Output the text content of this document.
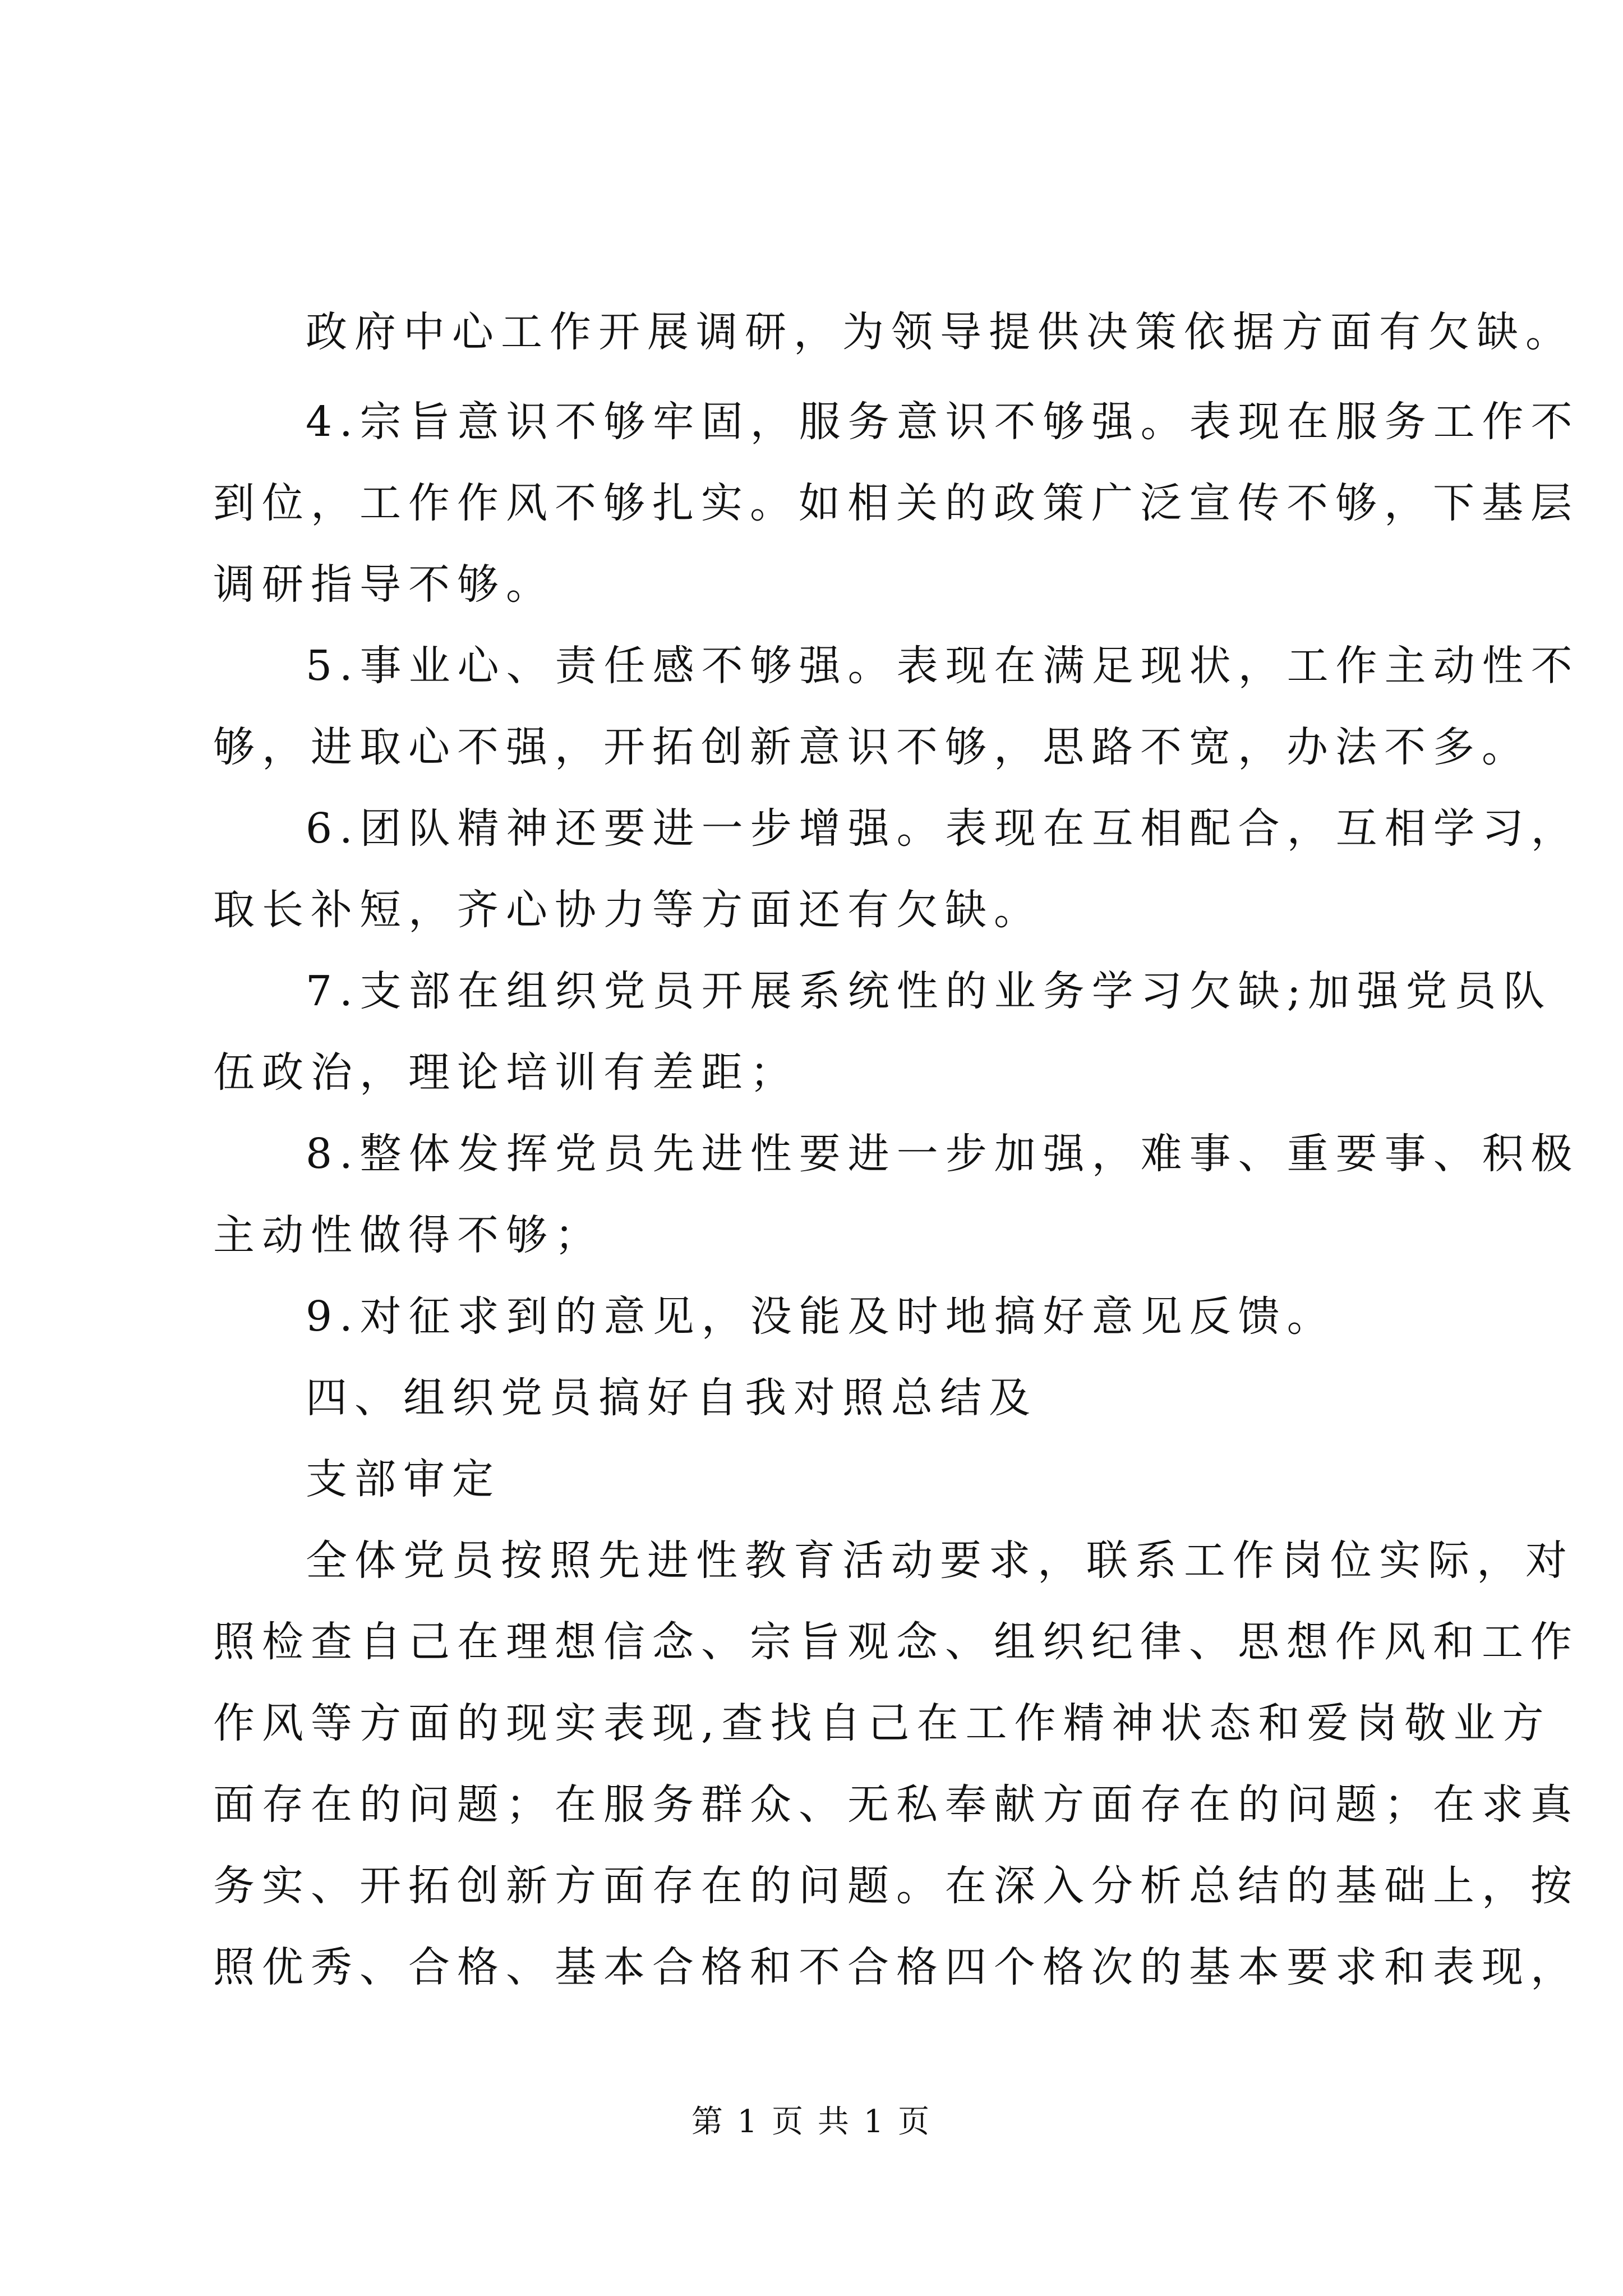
政府中心工作开展调研，为领导提供决策依据方面有欠缺。
4.宗旨意识不够牢固，服务意识不够强。表现在服务工作不
到位，工作作风不够扎实。如相关的政策广泛宣传不够，下基层
调研指导不够。
5.事业心、责任感不够强。表现在满足现状，工作主动性不
够，进取心不强，开拓创新意识不够，思路不宽，办法不多。
6.团队精神还要进一步增强。表现在互相配合，互相学习，
取长补短，齐心协力等方面还有欠缺。
7.支部在组织党员开展系统性的业务学习欠缺;加强党员队
伍政治，理论培训有差距；
8.整体发挥党员先进性要进一步加强，难事、重要事、积极
主动性做得不够；
9.对征求到的意见，没能及时地搞好意见反馈。
四、组织党员搞好自我对照总结及
支部审定
全体党员按照先进性教育活动要求，联系工作岗位实际，对
照检查自己在理想信念、宗旨观念、组织纪律、思想作风和工作
作风等方面的现实表现,查找自己在工作精神状态和爱岗敬业方
面存在的问题；在服务群众、无私奉献方面存在的问题；在求真
务实、开拓创新方面存在的问题。在深入分析总结的基础上，按
照优秀、合格、基本合格和不合格四个格次的基本要求和表现，
第 1 页 共 1 页
